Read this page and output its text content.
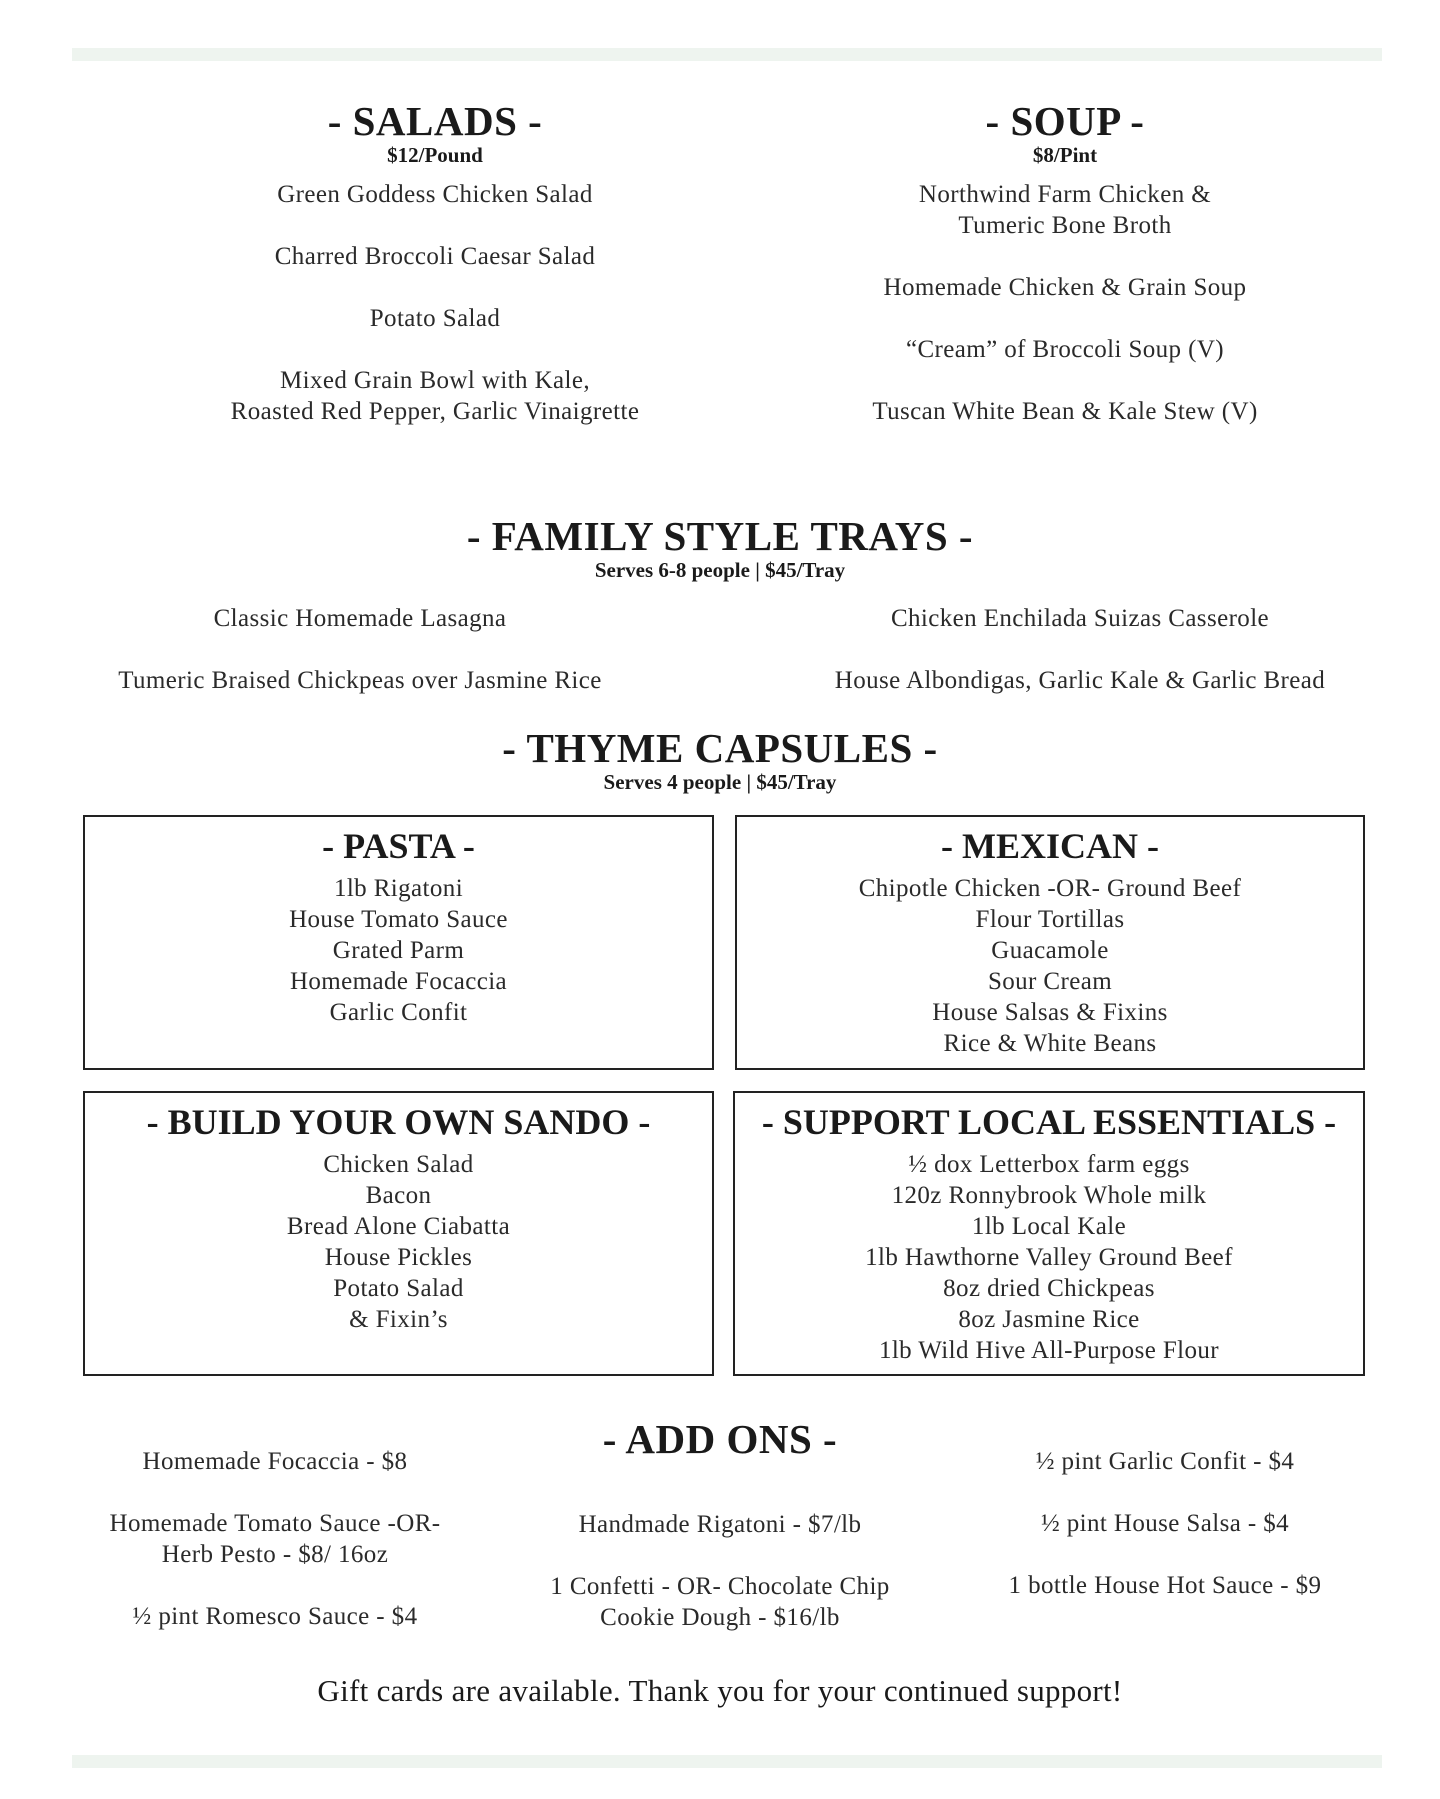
- SALADS -
$12/Pound
Green Goddess Chicken Salad
Charred Broccoli Caesar Salad
Potato Salad
Mixed Grain Bowl with Kale,
Roasted Red Pepper, Garlic Vinaigrette
- SOUP -
$8/Pint
Northwind Farm Chicken &
Tumeric Bone Broth
Homemade Chicken & Grain Soup
“Cream” of Broccoli Soup (V)
Tuscan White Bean & Kale Stew (V)
- FAMILY STYLE TRAYS -
Serves 6-8 people | $45/Tray
Classic Homemade Lasagna
Tumeric Braised Chickpeas over Jasmine Rice
Chicken Enchilada Suizas Casserole
House Albondigas, Garlic Kale & Garlic Bread
- THYME CAPSULES -
Serves 4 people | $45/Tray
- PASTA -
1lb Rigatoni
House Tomato Sauce
Grated Parm
Homemade Focaccia
Garlic Confit
- MEXICAN -
Chipotle Chicken -OR- Ground Beef
Flour Tortillas
Guacamole
Sour Cream
House Salsas & Fixins
Rice & White Beans
- BUILD YOUR OWN SANDO -
Chicken Salad
Bacon
Bread Alone Ciabatta
House Pickles
Potato Salad
& Fixin’s
- SUPPORT LOCAL ESSENTIALS -
½ dox Letterbox farm eggs
120z Ronnybrook Whole milk
1lb Local Kale
1lb Hawthorne Valley Ground Beef
8oz dried Chickpeas
8oz Jasmine Rice
1lb Wild Hive All-Purpose Flour
- ADD ONS -
Homemade Focaccia - $8
Homemade Tomato Sauce -OR-
Herb Pesto - $8/ 16oz
½ pint Romesco Sauce - $4
Handmade Rigatoni - $7/lb
1 Confetti - OR- Chocolate Chip
Cookie Dough - $16/lb
½ pint Garlic Confit - $4
½ pint House Salsa - $4
1 bottle House Hot Sauce - $9
Gift cards are available. Thank you for your continued support!
